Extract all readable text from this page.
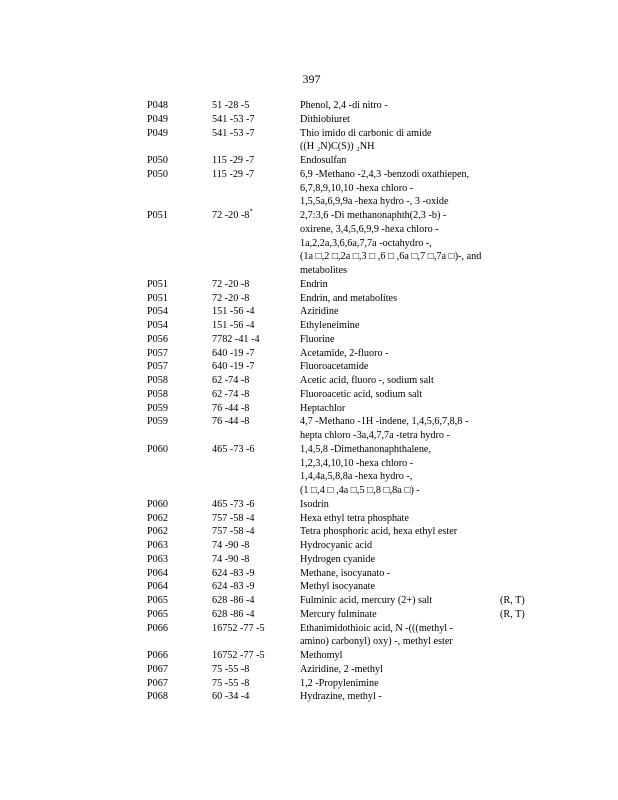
397
P048	51 -28 -5	Phenol, 2,4 -di nitro -
P049	541 -53 -7	Dithiobiuret
P049	541 -53 -7	Thio imido di carbonic di amide
((H ₂N)C(S)) ₂NH
P050	115 -29 -7	Endosulfan
P050	115 -29 -7	6,9 -Methano -2,4,3 -benzodi oxathiepen,
6,7,8,9,10,10 -hexa chloro -
1,5,5a,6,9,9a -hexa hydro -, 3 -oxide
P051	72 -20 -8*	2,7:3,6 -Di methanonaphth(2,3 -b) -
oxirene, 3,4,5,6,9,9 -hexa chloro -
1a,2,2a,3,6,6a,7,7a -octahydro -,
(1a □,2 □,2a □,3 □ ,6 □ ,6a □,7 □,7a □)-, and
metabolites
P051	72 -20 -8	Endrin
P051	72 -20 -8	Endrin, and metabolites
P054	151 -56 -4	Aziridine
P054	151 -56 -4	Ethyleneimine
P056	7782 -41 -4	Fluorine
P057	640 -19 -7	Acetamide, 2-fluoro -
P057	640 -19 -7	Fluoroacetamide
P058	62 -74 -8	Acetic acid, fluoro -, sodium salt
P058	62 -74 -8	Fluoroacetic acid, sodium salt
P059	76 -44 -8	Heptachlor
P059	76 -44 -8	4,7 -Methano -1H -indene, 1,4,5,6,7,8,8 -
hepta chloro -3a,4,7,7a -tetra hydro -
P060	465 -73 -6	1,4,5,8 -Dimethanonaphthalene,
1,2,3,4,10,10 -hexa chloro -
1,4,4a,5,8,8a -hexa hydro -,
(1 □,4 □ ,4a □,5 □,8 □,8a □) -
P060	465 -73 -6	Isodrin
P062	757 -58 -4	Hexa ethyl tetra phosphate
P062	757 -58 -4	Tetra phosphoric acid, hexa ethyl ester
P063	74 -90 -8	Hydrocyanic acid
P063	74 -90 -8	Hydrogen cyanide
P064	624 -83 -9	Methane, isocyanato -
P064	624 -83 -9	Methyl isocyanate
P065	628 -86 -4	Fulminic acid, mercury (2+) salt	(R, T)
P065	628 -86 -4	Mercury fulminate	(R, T)
P066	16752 -77 -5	Ethanimidothioic acid, N -(((methyl -
amino) carbonyl) oxy) -, methyl ester
P066	16752 -77 -5	Methomyl
P067	75 -55 -8	Aziridine, 2 -methyl
P067	75 -55 -8	1,2 -Propylenimine
P068	60 -34 -4	Hydrazine, methyl -
